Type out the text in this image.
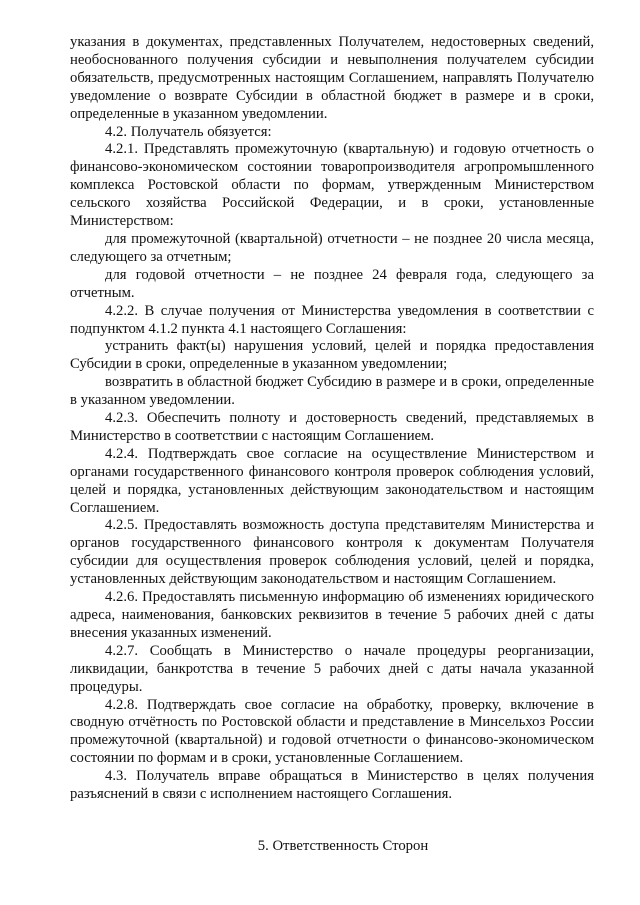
указания в документах, представленных Получателем, недостоверных сведений, необоснованного получения субсидии и невыполнения получателем субсидии обязательств, предусмотренных настоящим Соглашением, направлять Получателю уведомление о возврате Субсидии в областной бюджет в размере и в сроки, определенные в указанном уведомлении.

4.2. Получатель обязуется:

4.2.1. Представлять промежуточную (квартальную) и годовую отчетность о финансово-экономическом состоянии товаропроизводителя агропромышленного комплекса Ростовской области по формам, утвержденным Министерством сельского хозяйства Российской Федерации, и в сроки, установленные Министерством:

для промежуточной (квартальной) отчетности – не позднее 20 числа месяца, следующего за отчетным;

для годовой отчетности – не позднее 24 февраля года, следующего за отчетным.

4.2.2. В случае получения от Министерства уведомления в соответствии с подпунктом 4.1.2 пункта 4.1 настоящего Соглашения:

устранить факт(ы) нарушения условий, целей и порядка предоставления Субсидии в сроки, определенные в указанном уведомлении;

возвратить в областной бюджет Субсидию в размере и в сроки, определенные в указанном уведомлении.

4.2.3. Обеспечить полноту и достоверность сведений, представляемых в Министерство в соответствии с настоящим Соглашением.

4.2.4. Подтверждать свое согласие на осуществление Министерством и органами государственного финансового контроля проверок соблюдения условий, целей и порядка, установленных действующим законодательством и настоящим Соглашением.

4.2.5. Предоставлять возможность доступа представителям Министерства и органов государственного финансового контроля к документам Получателя субсидии для осуществления проверок соблюдения условий, целей и порядка, установленных действующим законодательством и настоящим Соглашением.

4.2.6. Предоставлять письменную информацию об изменениях юридического адреса, наименования, банковских реквизитов в течение 5 рабочих дней с даты внесения указанных изменений.

4.2.7. Сообщать в Министерство о начале процедуры реорганизации, ликвидации, банкротства в течение 5 рабочих дней с даты начала указанной процедуры.

4.2.8. Подтверждать свое согласие на обработку, проверку, включение в сводную отчётность по Ростовской области и представление в Минсельхоз России промежуточной (квартальной) и годовой отчетности о финансово-экономическом состоянии по формам и в сроки, установленные Соглашением.

4.3. Получатель вправе обращаться в Министерство в целях получения разъяснений в связи с исполнением настоящего Соглашения.

5. Ответственность Сторон
